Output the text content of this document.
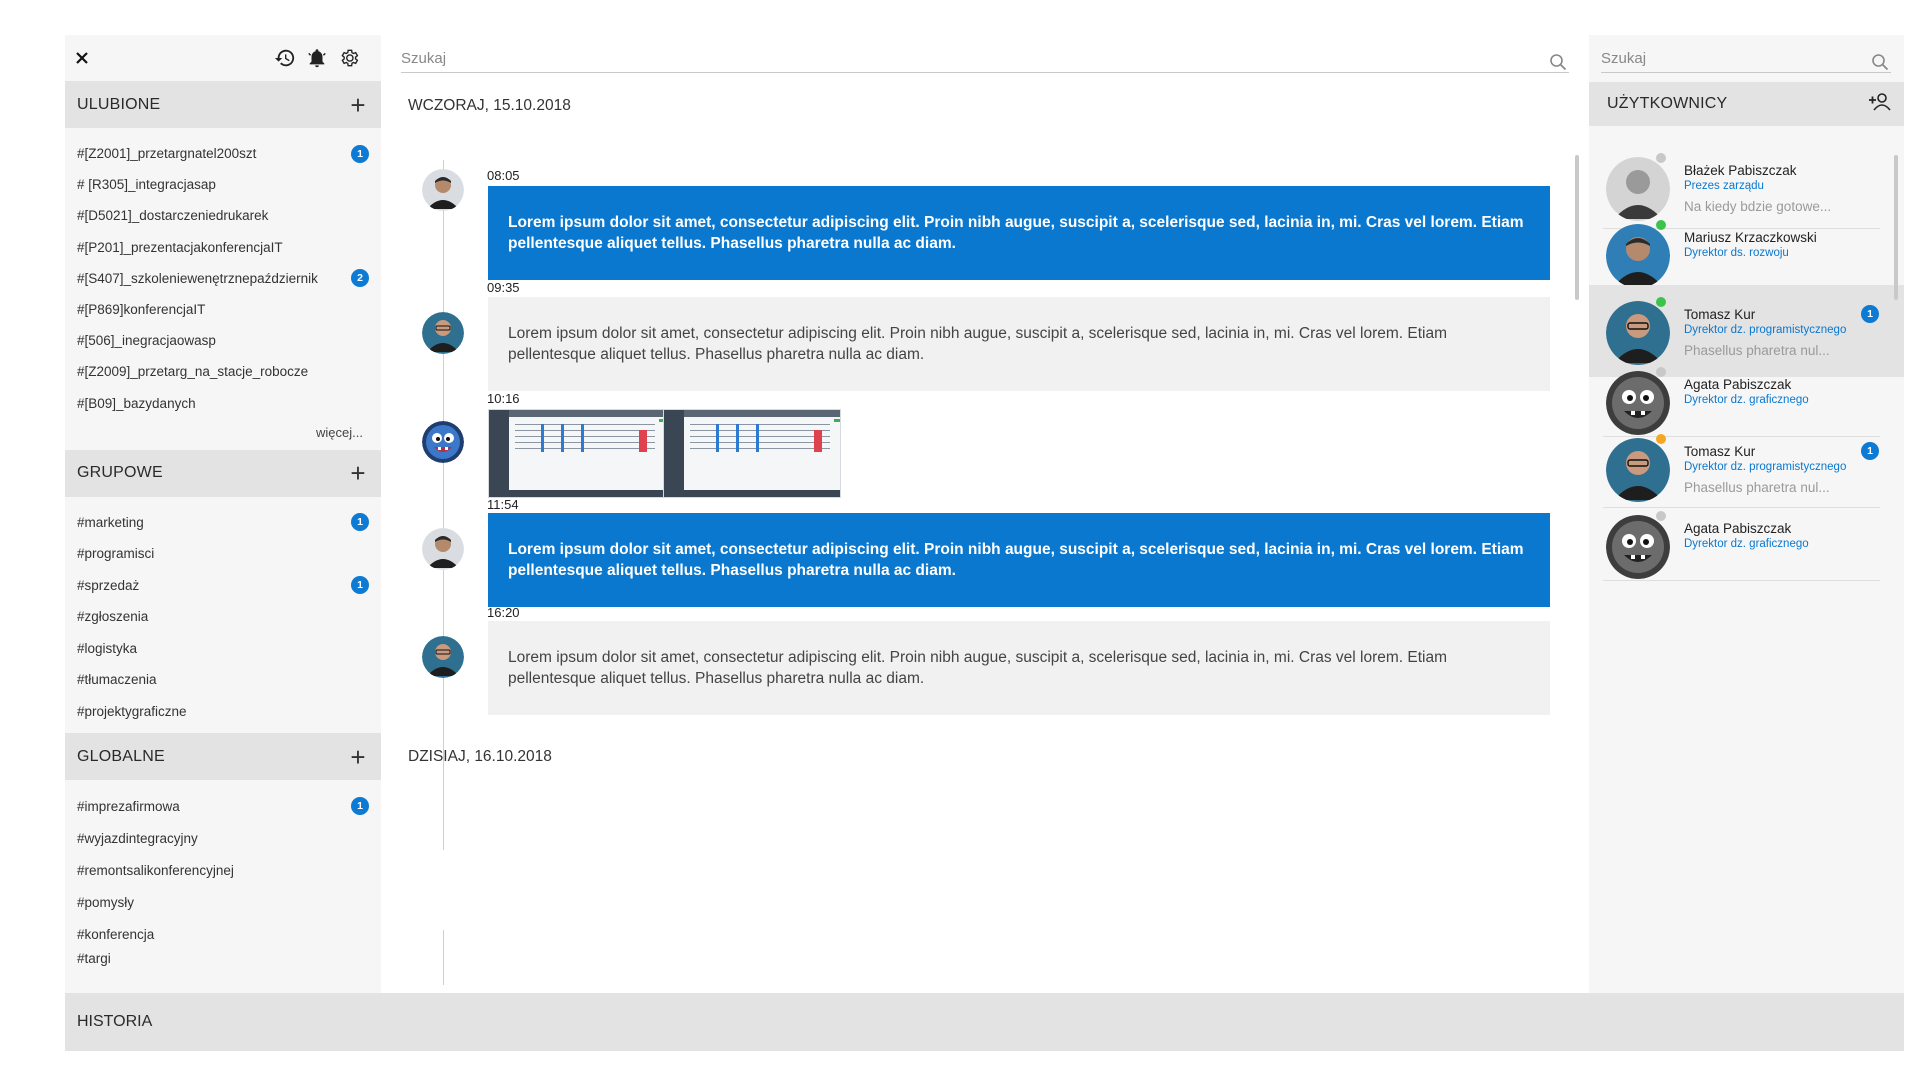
ULUBIONE	+
#[Z2001]_przetargnatel200szt	1
# [R305]_integracjasap
#[D5021]_dostarczeniedrukarek
#[P201]_prezentacjakonferencjaIT
#[S407]_szkoleniewenętrznepaździernik	2
#[P869]konferencjaIT
#[506]_inegracjaowasp
#[Z2009]_przetarg_na_stacje_robocze
#[B09]_bazydanych
więcej...
GRUPOWE	+
#marketing	1
#programisci
#sprzedaż	1
#zgłoszenia
#logistyka
#tłumaczenia
#projektygraficzne
GLOBALNE	+
#imprezafirmowa	1
#wyjazdintegracyjny
#remontsalikonferencyjnej
#pomysły
#konferencja
#targi
Szukaj
WCZORAJ, 15.10.2018
08:05
Lorem ipsum dolor sit amet, consectetur adipiscing elit. Proin nibh augue, suscipit a, scelerisque sed, lacinia in, mi. Cras vel lorem. Etiam pellentesque aliquet tellus. Phasellus pharetra nulla ac diam.
09:35
Lorem ipsum dolor sit amet, consectetur adipiscing elit. Proin nibh augue, suscipit a, scelerisque sed, lacinia in, mi. Cras vel lorem. Etiam pellentesque aliquet tellus. Phasellus pharetra nulla ac diam.
10:16
11:54
Lorem ipsum dolor sit amet, consectetur adipiscing elit. Proin nibh augue, suscipit a, scelerisque sed, lacinia in, mi. Cras vel lorem. Etiam pellentesque aliquet tellus. Phasellus pharetra nulla ac diam.
16:20
Lorem ipsum dolor sit amet, consectetur adipiscing elit. Proin nibh augue, suscipit a, scelerisque sed, lacinia in, mi. Cras vel lorem. Etiam pellentesque aliquet tellus. Phasellus pharetra nulla ac diam.
DZISIAJ, 16.10.2018
Szukaj
UŻYTKOWNICY
Błażek Pabiszczak
Prezes zarządu
Na kiedy bdzie gotowe...
Mariusz Krzaczkowski
Dyrektor ds. rozwoju
Tomasz Kur
Dyrektor dz. programistycznego
Phasellus pharetra nul...
1
Agata Pabiszczak
Dyrektor dz. graficznego
Tomasz Kur
Dyrektor dz. programistycznego
Phasellus pharetra nul...
1
Agata Pabiszczak
Dyrektor dz. graficznego
HISTORIA
